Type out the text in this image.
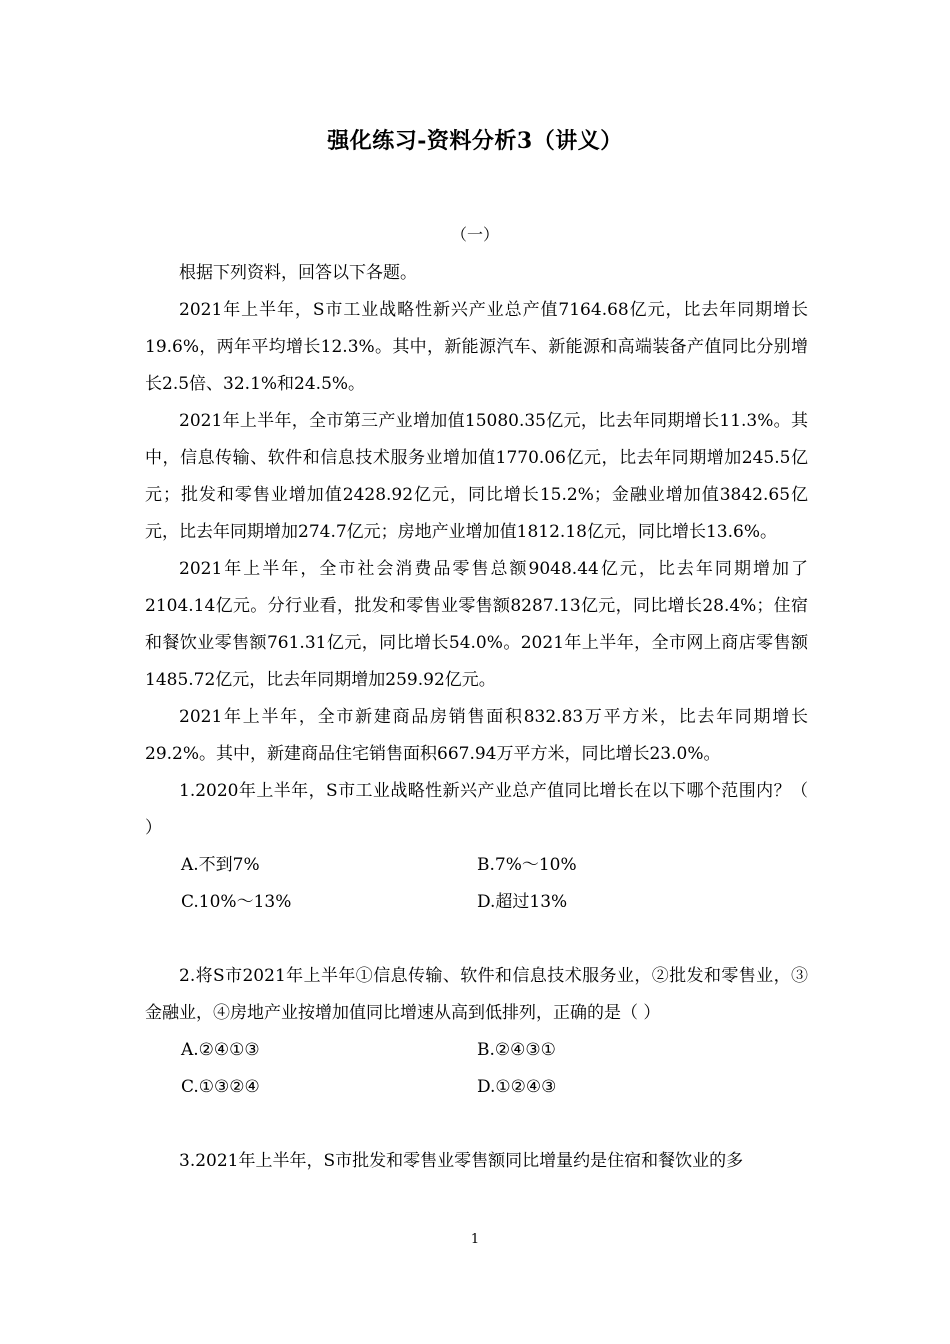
强化练习-资料分析3（讲义）
（一）

根据下列资料，回答以下各题。

2021年上半年，S市工业战略性新兴产业总产值7164.68亿元，比去年同期增长19.6%，两年平均增长12.3%。其中，新能源汽车、新能源和高端装备产值同比分别增长2.5倍、32.1%和24.5%。

2021年上半年，全市第三产业增加值15080.35亿元，比去年同期增长11.3%。其中，信息传输、软件和信息技术服务业增加值1770.06亿元，比去年同期增加245.5亿元；批发和零售业增加值2428.92亿元，同比增长15.2%；金融业增加值3842.65亿元，比去年同期增加274.7亿元；房地产业增加值1812.18亿元，同比增长13.6%。

2021年上半年，全市社会消费品零售总额9048.44亿元，比去年同期增加了2104.14亿元。分行业看，批发和零售业零售额8287.13亿元，同比增长28.4%；住宿和餐饮业零售额761.31亿元，同比增长54.0%。2021年上半年，全市网上商店零售额1485.72亿元，比去年同期增加259.92亿元。

2021年上半年，全市新建商品房销售面积832.83万平方米，比去年同期增长29.2%。其中，新建商品住宅销售面积667.94万平方米，同比增长23.0%。

1.2020年上半年，S市工业战略性新兴产业总产值同比增长在以下哪个范围内？（ ）

A.不到7%	B.7%～10%
C.10%～13%	D.超过13%

2.将S市2021年上半年①信息传输、软件和信息技术服务业，②批发和零售业，③金融业，④房地产业按增加值同比增速从高到低排列，正确的是（ ）

A.②④①③	B.②④③①
C.①③②④	D.①②④③

3.2021年上半年，S市批发和零售业零售额同比增量约是住宿和餐饮业的多

1
